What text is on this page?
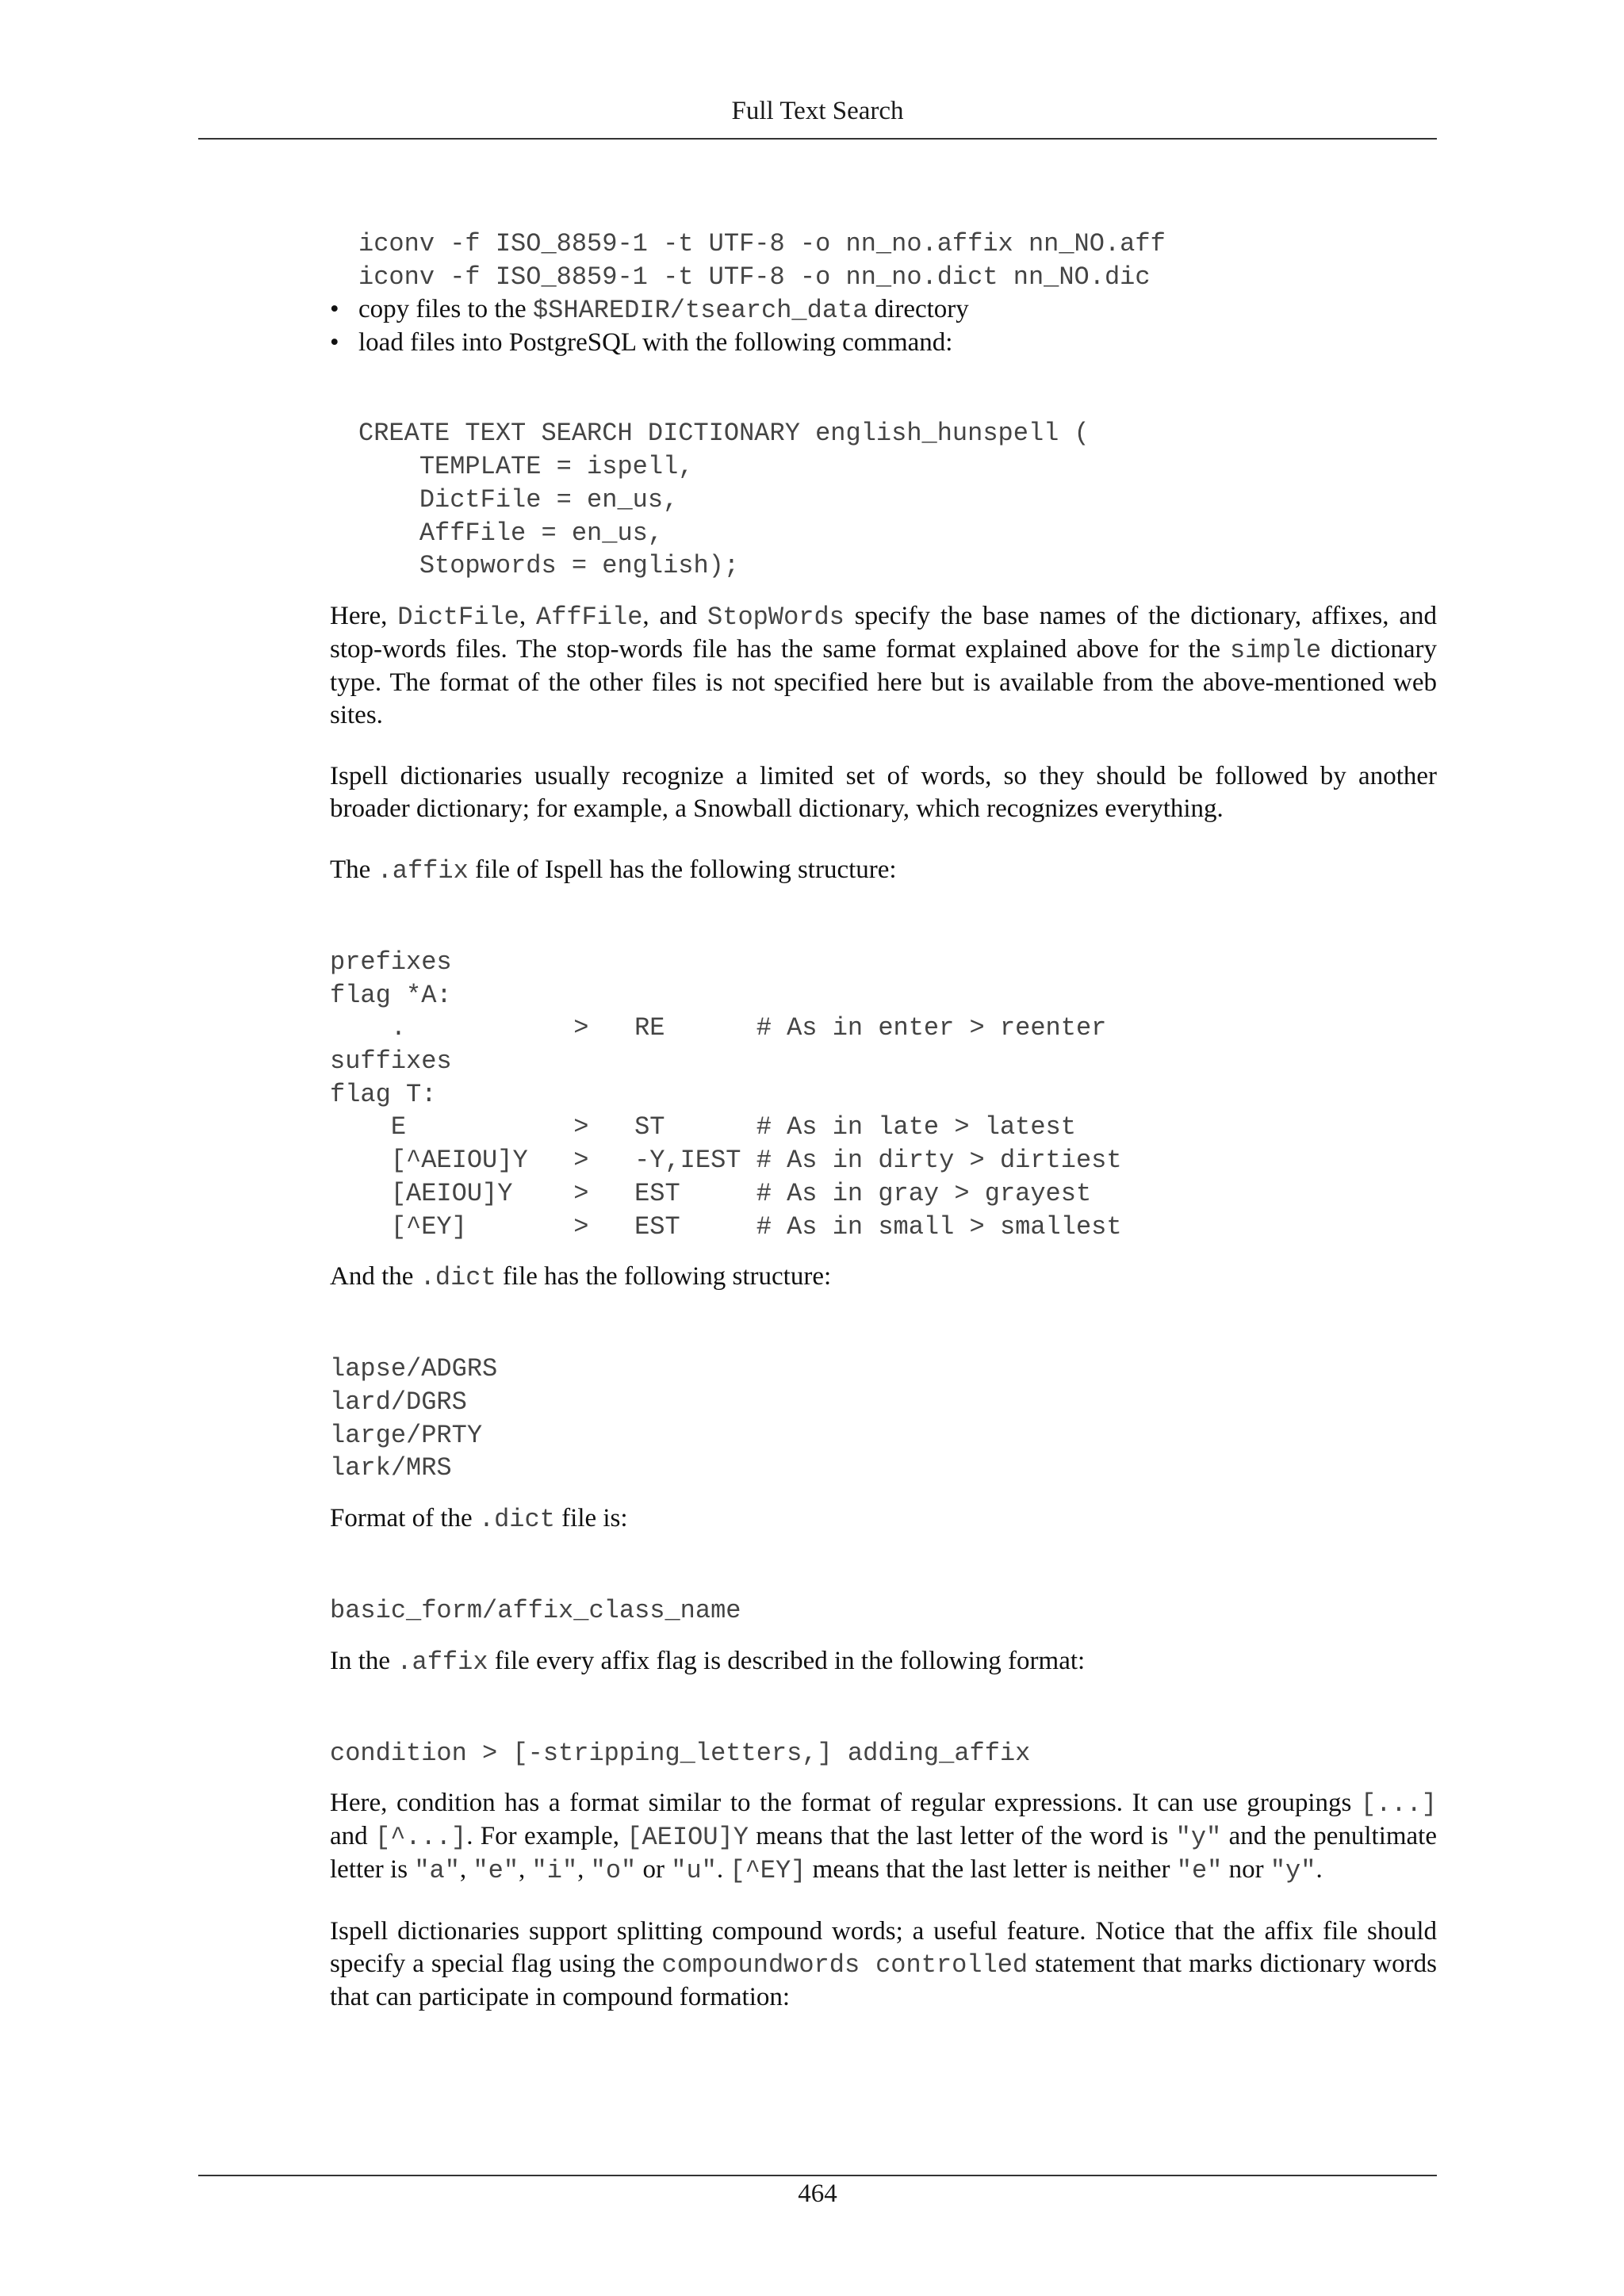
Full Text Search
iconv -f ISO_8859-1 -t UTF-8 -o nn_no.affix nn_NO.aff
iconv -f ISO_8859-1 -t UTF-8 -o nn_no.dict nn_NO.dic
• copy files to the $SHAREDIR/tsearch_data directory
• load files into PostgreSQL with the following command:
CREATE TEXT SEARCH DICTIONARY english_hunspell (
TEMPLATE = ispell,
DictFile = en_us,
AffFile = en_us,
Stopwords = english);

Here, DictFile, AffFile, and StopWords specify the base names of the dictionary, affixes, and stop-words files. The stop-words file has the same format explained above for the simple dictionary type. The format of the other files is not specified here but is available from the above-mentioned web sites.

Ispell dictionaries usually recognize a limited set of words, so they should be followed by another broader dictionary; for example, a Snowball dictionary, which recognizes everything.

The .affix file of Ispell has the following structure:

prefixes
flag *A:
.           >   RE      # As in enter > reenter
suffixes
flag T:
E           >   ST      # As in late > latest
[^AEIOU]Y   >   -Y,IEST # As in dirty > dirtiest
[AEIOU]Y    >   EST     # As in gray > grayest
[^EY]       >   EST     # As in small > smallest

And the .dict file has the following structure:

lapse/ADGRS
lard/DGRS
large/PRTY
lark/MRS

Format of the .dict file is:

basic_form/affix_class_name

In the .affix file every affix flag is described in the following format:

condition > [-stripping_letters,] adding_affix

Here, condition has a format similar to the format of regular expressions. It can use groupings [...] and [^...]. For example, [AEIOU]Y means that the last letter of the word is "y" and the penultimate letter is "a", "e", "i", "o" or "u". [^EY] means that the last letter is neither "e" nor "y".

Ispell dictionaries support splitting compound words; a useful feature. Notice that the affix file should specify a special flag using the compoundwords controlled statement that marks dictionary words that can participate in compound formation:

464
